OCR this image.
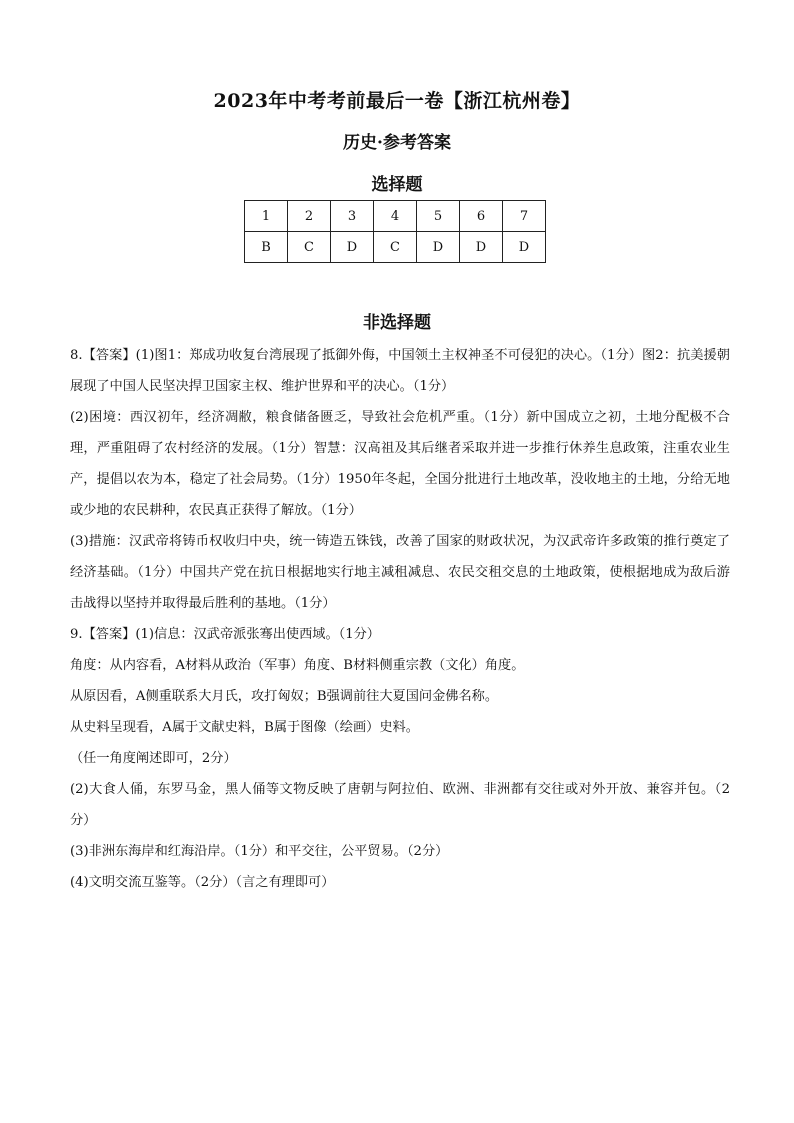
2023年中考考前最后一卷【浙江杭州卷】
历史·参考答案
选择题
1	2	3	4	5	6	7
B	C	D	C	D	D	D
非选择题

8.【答案】(1)图1：郑成功收复台湾展现了抵御外侮，中国领土主权神圣不可侵犯的决心。（1分）图2：抗美援朝展现了中国人民坚决捍卫国家主权、维护世界和平的决心。（1分）

(2)困境：西汉初年，经济凋敝，粮食储备匮乏，导致社会危机严重。（1分）新中国成立之初，土地分配极不合理，严重阻碍了农村经济的发展。（1分）智慧：汉高祖及其后继者采取并进一步推行休养生息政策，注重农业生产，提倡以农为本，稳定了社会局势。（1分）1950年冬起，全国分批进行土地改革，没收地主的土地，分给无地或少地的农民耕种，农民真正获得了解放。（1分）

(3)措施：汉武帝将铸币权收归中央，统一铸造五铢钱，改善了国家的财政状况，为汉武帝许多政策的推行奠定了经济基础。（1分）中国共产党在抗日根据地实行地主减租减息、农民交租交息的土地政策，使根据地成为敌后游击战得以坚持并取得最后胜利的基地。（1分）

9.【答案】(1)信息：汉武帝派张骞出使西域。（1分）

角度：从内容看，A材料从政治（军事）角度、B材料侧重宗教（文化）角度。

从原因看，A侧重联系大月氏，攻打匈奴；B强调前往大夏国问金佛名称。

从史料呈现看，A属于文献史料，B属于图像（绘画）史料。

（任一角度阐述即可，2分）

(2)大食人俑，东罗马金，黑人俑等文物反映了唐朝与阿拉伯、欧洲、非洲都有交往或对外开放、兼容并包。（2分）

(3)非洲东海岸和红海沿岸。（1分）和平交往，公平贸易。（2分）

(4)文明交流互鉴等。（2分）（言之有理即可）
